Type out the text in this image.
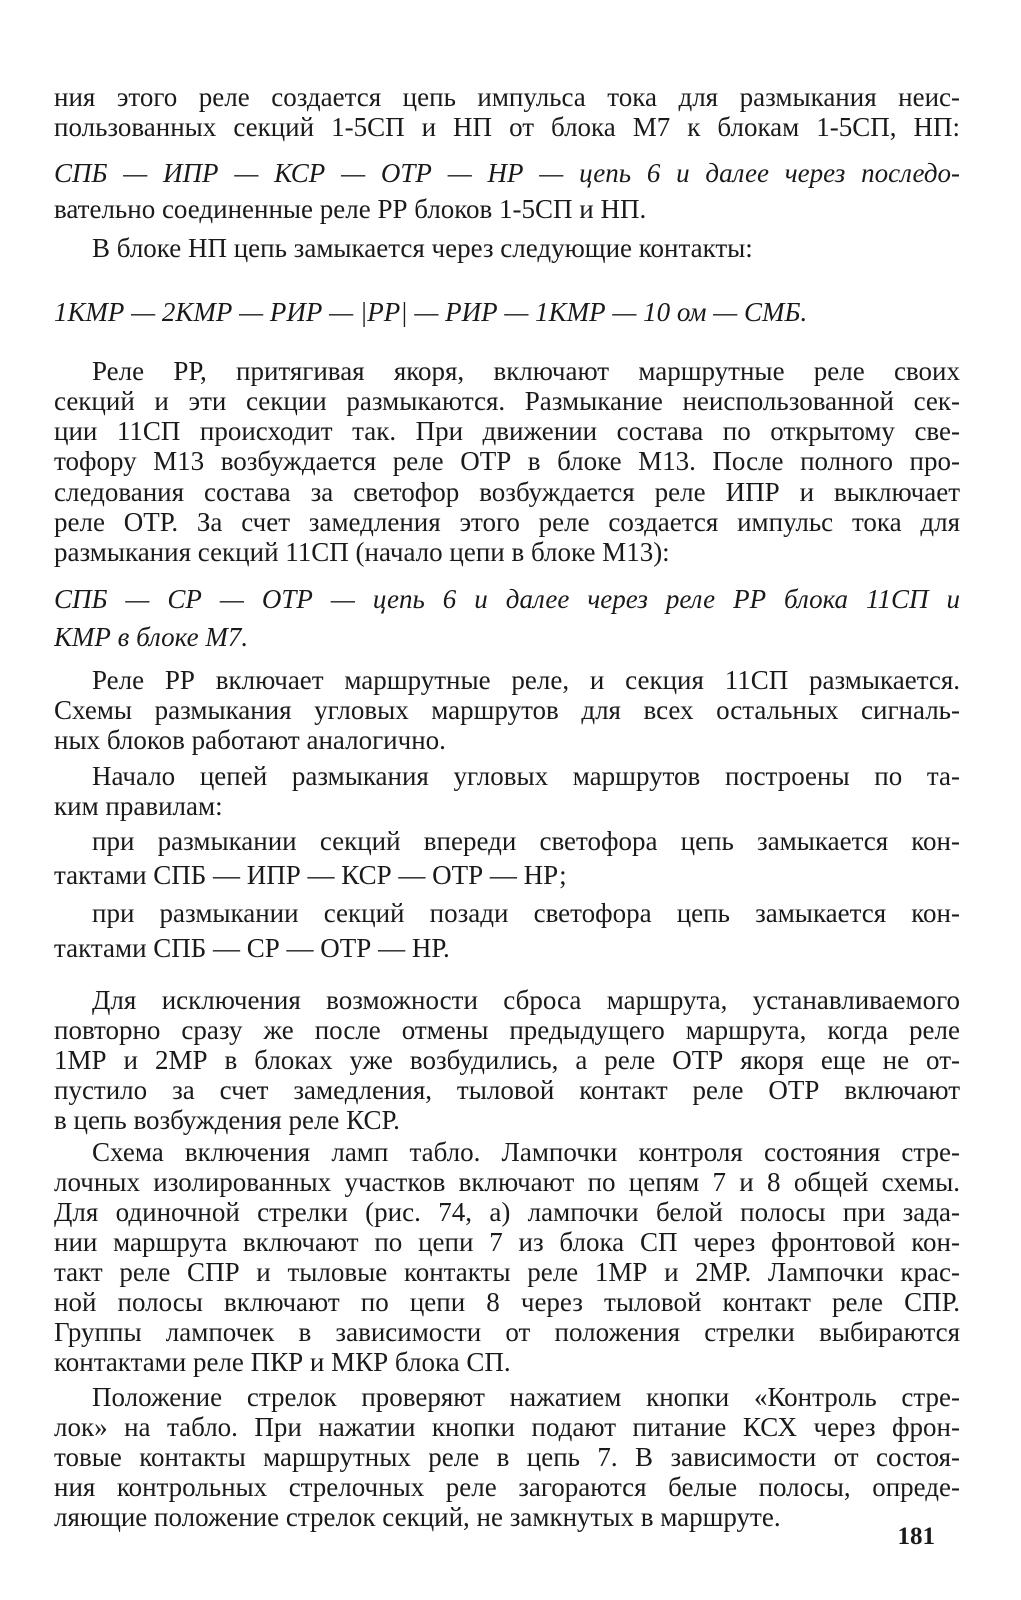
ния этого реле создается цепь импульса тока для размыкания неис-
пользованных секций 1-5СП и НП от блока М7 к блокам 1-5СП, НП:
СПБ — ИПР — КСР — ОТР — НР — цепь 6 и далее через последо-
вательно соединенные реле РР блоков 1-5СП и НП.
В блоке НП цепь замыкается через следующие контакты:
1КМР — 2КМР — РИР — |РР| — РИР — 1КМР — 10 ом — СМБ.
Реле РР, притягивая якоря, включают маршрутные реле своих
секций и эти секции размыкаются. Размыкание неиспользованной сек-
ции 11СП происходит так. При движении состава по открытому све-
тофору М13 возбуждается реле ОТР в блоке М13. После полного про-
следования состава за светофор возбуждается реле ИПР и выключает
реле ОТР. За счет замедления этого реле создается импульс тока для
размыкания секций 11СП (начало цепи в блоке М13):
СПБ — СР — ОТР — цепь 6 и далее через реле РР блока 11СП и
КМР в блоке М7.
Реле РР включает маршрутные реле, и секция 11СП размыкается.
Схемы размыкания угловых маршрутов для всех остальных сигналь-
ных блоков работают аналогично.
Начало цепей размыкания угловых маршрутов построены по та-
ким правилам:
при размыкании секций впереди светофора цепь замыкается кон-
тактами СПБ — ИПР — КСР — ОТР — НР;
при размыкании секций позади светофора цепь замыкается кон-
тактами СПБ — СР — ОТР — НР.
Для исключения возможности сброса маршрута, устанавливаемого
повторно сразу же после отмены предыдущего маршрута, когда реле
1МР и 2МР в блоках уже возбудились, а реле ОТР якоря еще не от-
пустило за счет замедления, тыловой контакт реле ОТР включают
в цепь возбуждения реле КСР.
Схема включения ламп табло. Лампочки контроля состояния стре-
лочных изолированных участков включают по цепям 7 и 8 общей схемы.
Для одиночной стрелки (рис. 74, а) лампочки белой полосы при зада-
нии маршрута включают по цепи 7 из блока СП через фронтовой кон-
такт реле СПР и тыловые контакты реле 1МР и 2МР. Лампочки крас-
ной полосы включают по цепи 8 через тыловой контакт реле СПР.
Группы лампочек в зависимости от положения стрелки выбираются
контактами реле ПКР и МКР блока СП.
Положение стрелок проверяют нажатием кнопки «Контроль стре-
лок» на табло. При нажатии кнопки подают питание КСХ через фрон-
товые контакты маршрутных реле в цепь 7. В зависимости от состоя-
ния контрольных стрелочных реле загораются белые полосы, опреде-
ляющие положение стрелок секций, не замкнутых в маршруте.
181
